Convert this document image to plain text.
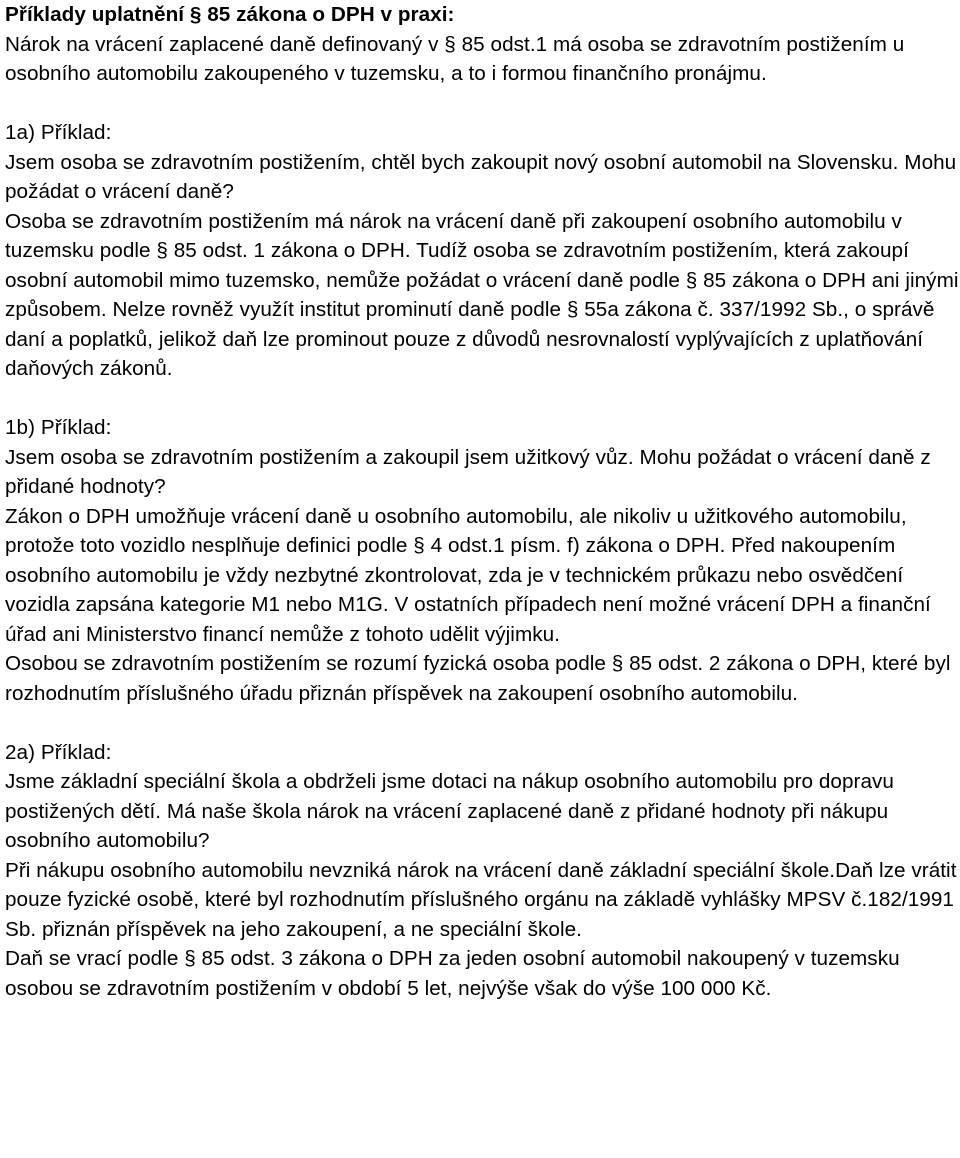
Příklady uplatnění § 85 zákona o DPH v praxi:

Nárok na vrácení zaplacené daně definovaný v § 85 odst.1 má osoba se zdravotním postižením u osobního automobilu zakoupeného v tuzemsku, a to i formou finančního pronájmu.

1a) Příklad:

Jsem osoba se zdravotním postižením, chtěl bych zakoupit nový osobní automobil na Slovensku. Mohu požádat o vrácení daně?

Osoba se zdravotním postižením má nárok na vrácení daně při zakoupení osobního automobilu v tuzemsku podle § 85 odst. 1 zákona o DPH. Tudíž osoba se zdravotním postižením, která zakoupí osobní automobil mimo tuzemsko, nemůže požádat o vrácení daně podle § 85 zákona o DPH ani jinými způsobem. Nelze rovněž využít institut prominutí daně podle § 55a zákona č. 337/1992 Sb., o správě daní a poplatků, jelikož daň lze prominout pouze z důvodů nesrovnalostí vyplývajících z uplatňování daňových zákonů.

1b) Příklad:

Jsem osoba se zdravotním postižením a zakoupil jsem užitkový vůz. Mohu požádat o vrácení daně z přidané hodnoty?

Zákon o DPH umožňuje vrácení daně u osobního automobilu, ale nikoliv u užitkového automobilu, protože toto vozidlo nesplňuje definici podle § 4 odst.1 písm. f) zákona o DPH. Před nakoupením osobního automobilu je vždy nezbytné zkontrolovat, zda je v technickém průkazu nebo osvědčení vozidla zapsána kategorie M1 nebo M1G. V ostatních případech není možné vrácení DPH a finanční úřad ani Ministerstvo financí nemůže z tohoto udělit výjimku.

Osobou se zdravotním postižením se rozumí fyzická osoba podle § 85 odst. 2 zákona o DPH, které byl rozhodnutím příslušného úřadu přiznán příspěvek na zakoupení osobního automobilu.

2a) Příklad:

Jsme základní speciální škola a obdrželi jsme dotaci na nákup osobního automobilu pro dopravu postižených dětí. Má naše škola nárok na vrácení zaplacené daně z přidané hodnoty při nákupu osobního automobilu?

Při nákupu osobního automobilu nevzniká nárok na vrácení daně základní speciální škole.Daň lze vrátit pouze fyzické osobě, které byl rozhodnutím příslušného orgánu na základě vyhlášky MPSV č.182/1991 Sb. přiznán příspěvek na jeho zakoupení, a ne speciální škole.

Daň se vrací podle § 85 odst. 3 zákona o DPH za jeden osobní automobil nakoupený v tuzemsku osobou se zdravotním postižením v období 5 let, nejvýše však do výše 100 000 Kč.
